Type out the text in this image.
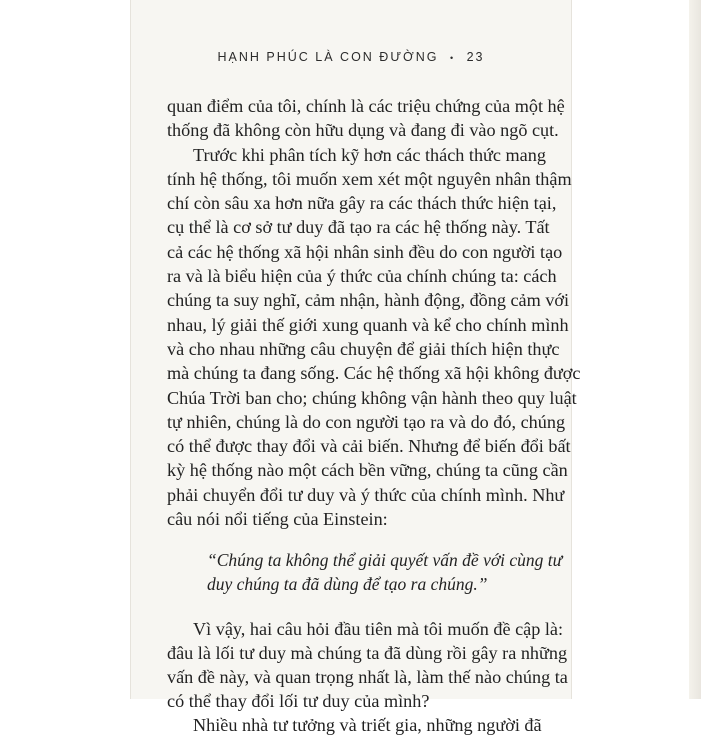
HẠNH PHÚC LÀ CON ĐƯỜNG • 23
quan điểm của tôi, chính là các triệu chứng của một hệ
thống đã không còn hữu dụng và đang đi vào ngõ cụt.
Trước khi phân tích kỹ hơn các thách thức mang
tính hệ thống, tôi muốn xem xét một nguyên nhân thậm
chí còn sâu xa hơn nữa gây ra các thách thức hiện tại,
cụ thể là cơ sở tư duy đã tạo ra các hệ thống này. Tất
cả các hệ thống xã hội nhân sinh đều do con người tạo
ra và là biểu hiện của ý thức của chính chúng ta: cách
chúng ta suy nghĩ, cảm nhận, hành động, đồng cảm với
nhau, lý giải thế giới xung quanh và kể cho chính mình
và cho nhau những câu chuyện để giải thích hiện thực
mà chúng ta đang sống. Các hệ thống xã hội không được
Chúa Trời ban cho; chúng không vận hành theo quy luật
tự nhiên, chúng là do con người tạo ra và do đó, chúng
có thể được thay đổi và cải biến. Nhưng để biến đổi bất
kỳ hệ thống nào một cách bền vững, chúng ta cũng cần
phải chuyển đổi tư duy và ý thức của chính mình. Như
câu nói nổi tiếng của Einstein:
“Chúng ta không thể giải quyết vấn đề với cùng tư
duy chúng ta đã dùng để tạo ra chúng.”
Vì vậy, hai câu hỏi đầu tiên mà tôi muốn đề cập là:
đâu là lối tư duy mà chúng ta đã dùng rồi gây ra những
vấn đề này, và quan trọng nhất là, làm thế nào chúng ta
có thể thay đổi lối tư duy của mình?
Nhiều nhà tư tưởng và triết gia, những người đã
